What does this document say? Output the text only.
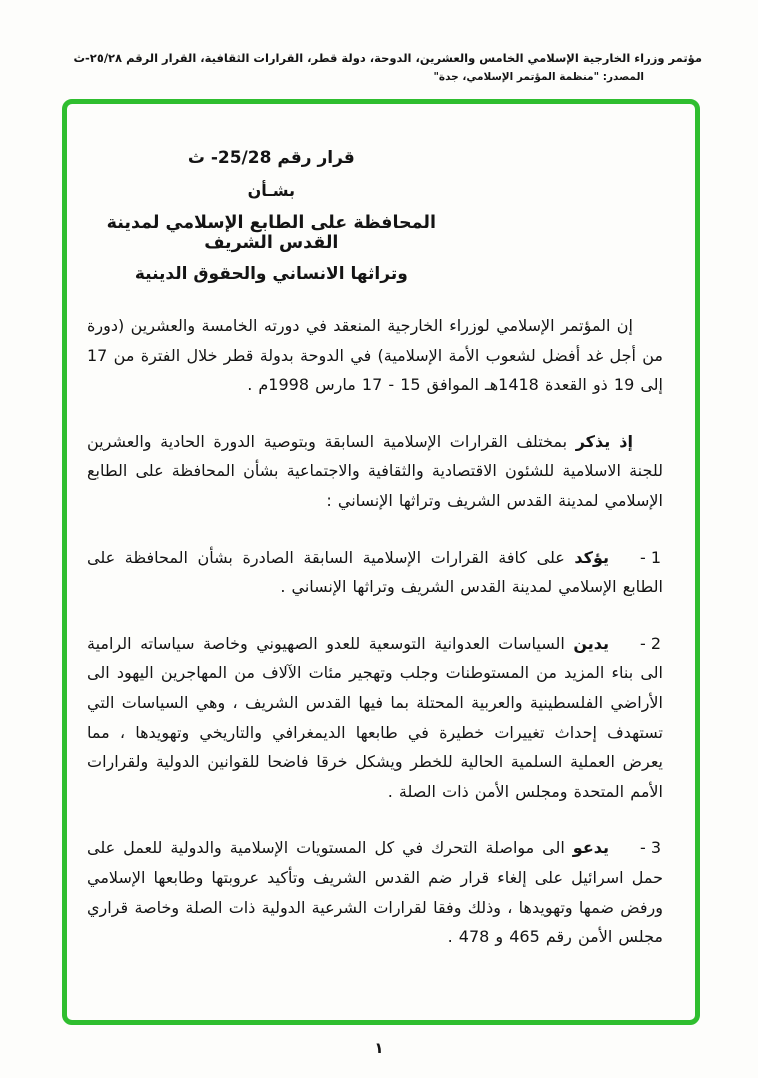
مؤتمر وزراء الخارجية الإسلامي الخامس والعشرين، الدوحة، دولة قطر، القرارات الثقافية، القرار الرقم ٢٥/٢٨-ث
المصدر: "منظمة المؤتمر الإسلامي، جدة"
قرار رقم 25/28- ث
بشـأن
المحافظة على الطابع الإسلامي لمدينة القدس الشريف
وتراثها الانساني والحقوق الدينية

إن المؤتمر الإسلامي لوزراء الخارجية المنعقد في دورته الخامسة والعشرين (دورة من أجل غد أفضل لشعوب الأمة الإسلامية) في الدوحة بدولة قطر خلال الفترة من 17 إلى 19 ذو القعدة 1418هـ الموافق 15 - 17 مارس 1998م .

إذ يذكر بمختلف القرارات الإسلامية السابقة وبتوصية الدورة الحادية والعشرين للجنة الاسلامية للشئون الاقتصادية والثقافية والاجتماعية بشأن المحافظة على الطابع الإسلامي لمدينة القدس الشريف وتراثها الإنساني :

1 -

يؤكد على كافة القرارات الإسلامية السابقة الصادرة بشأن المحافظة على الطابع الإسلامي لمدينة القدس الشريف وتراثها الإنساني .

2 -

يدين السياسات العدوانية التوسعية للعدو الصهيوني وخاصة سياساته الرامية الى بناء المزيد من المستوطنات وجلب وتهجير مئات الآلاف من المهاجرين اليهود الى الأراضي الفلسطينية والعربية المحتلة بما فيها القدس الشريف ، وهي السياسات التي تستهدف إحداث تغييرات خطيرة في طابعها الديمغرافي والتاريخي وتهويدها ، مما يعرض العملية السلمية الحالية للخطر ويشكل خرقا فاضحا للقوانين الدولية ولقرارات الأمم المتحدة ومجلس الأمن ذات الصلة .

3 -

يدعو الى مواصلة التحرك في كل المستويات الإسلامية والدولية للعمل على حمل اسرائيل على إلغاء قرار ضم القدس الشريف وتأكيد عروبتها وطابعها الإسلامي ورفض ضمها وتهويدها ، وذلك وفقا لقرارات الشرعية الدولية ذات الصلة وخاصة قراري مجلس الأمن رقم 465 و 478 .

١
